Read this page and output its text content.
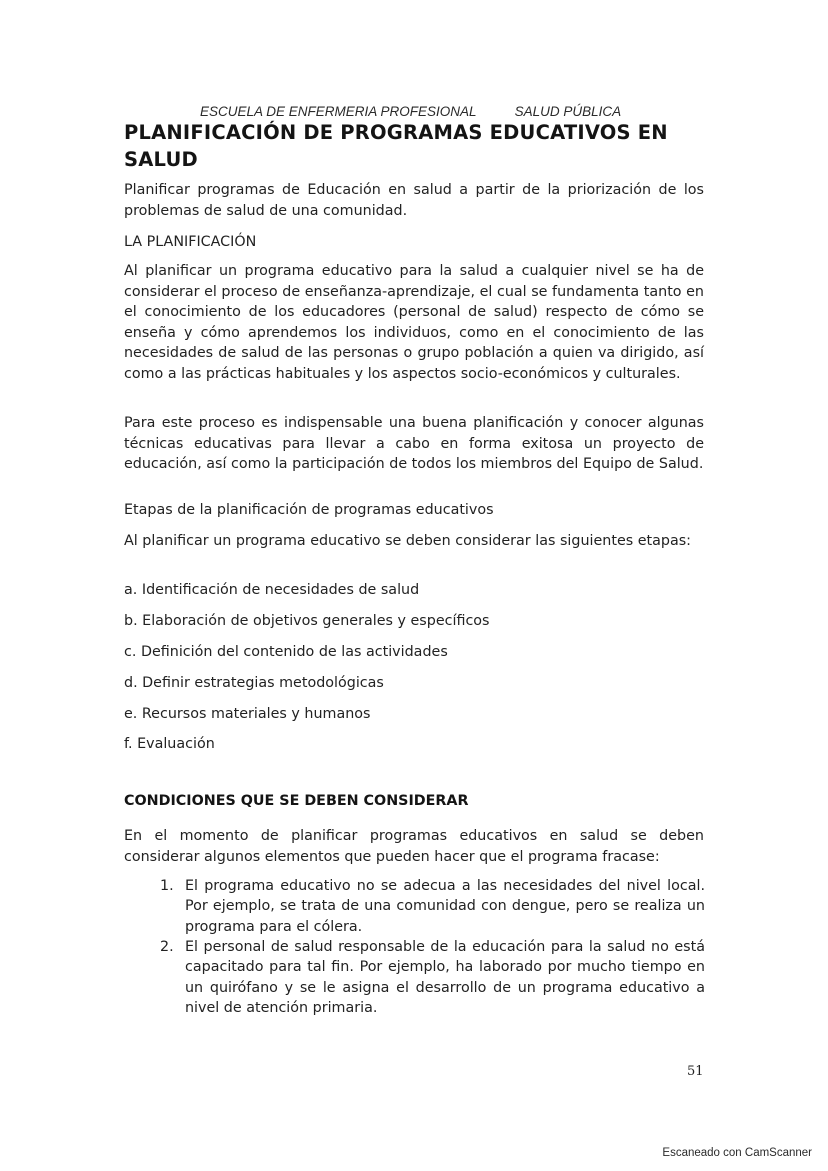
ESCUELA DE ENFERMERIA PROFESIONAL	SALUD PÚBLICA
PLANIFICACIÓN DE PROGRAMAS EDUCATIVOS EN SALUD

Planificar programas de Educación en salud a partir de la priorización de los problemas de salud de una comunidad.

LA PLANIFICACIÓN

Al planificar un programa educativo para la salud a cualquier nivel se ha de considerar el proceso de enseñanza-aprendizaje, el cual se fundamenta tanto en el conocimiento de los educadores (personal de salud) respecto de cómo se enseña y cómo aprendemos los individuos, como en el conocimiento de las necesidades de salud de las personas o grupo población a quien va dirigido, así como a las prácticas habituales y los aspectos socio-económicos y culturales.

Para este proceso es indispensable una buena planificación y conocer algunas técnicas educativas para llevar a cabo en forma exitosa un proyecto de educación, así como la participación de todos los miembros del Equipo de Salud.

Etapas de la planificación de programas educativos

Al planificar un programa educativo se deben considerar las siguientes etapas:

a. Identificación de necesidades de salud

b. Elaboración de objetivos generales y específicos

c. Definición del contenido de las actividades

d. Definir estrategias metodológicas

e. Recursos materiales y humanos

f. Evaluación

CONDICIONES QUE SE DEBEN CONSIDERAR

En el momento de planificar programas educativos en salud se deben considerar algunos elementos que pueden hacer que el programa fracase:

1. El programa educativo no se adecua a las necesidades del nivel local. Por ejemplo, se trata de una comunidad con dengue, pero se realiza un programa para el cólera.
2. El personal de salud responsable de la educación para la salud no está capacitado para tal fin. Por ejemplo, ha laborado por mucho tiempo en un quirófano y se le asigna el desarrollo de un programa educativo a nivel de atención primaria.
51
Escaneado con CamScanner
